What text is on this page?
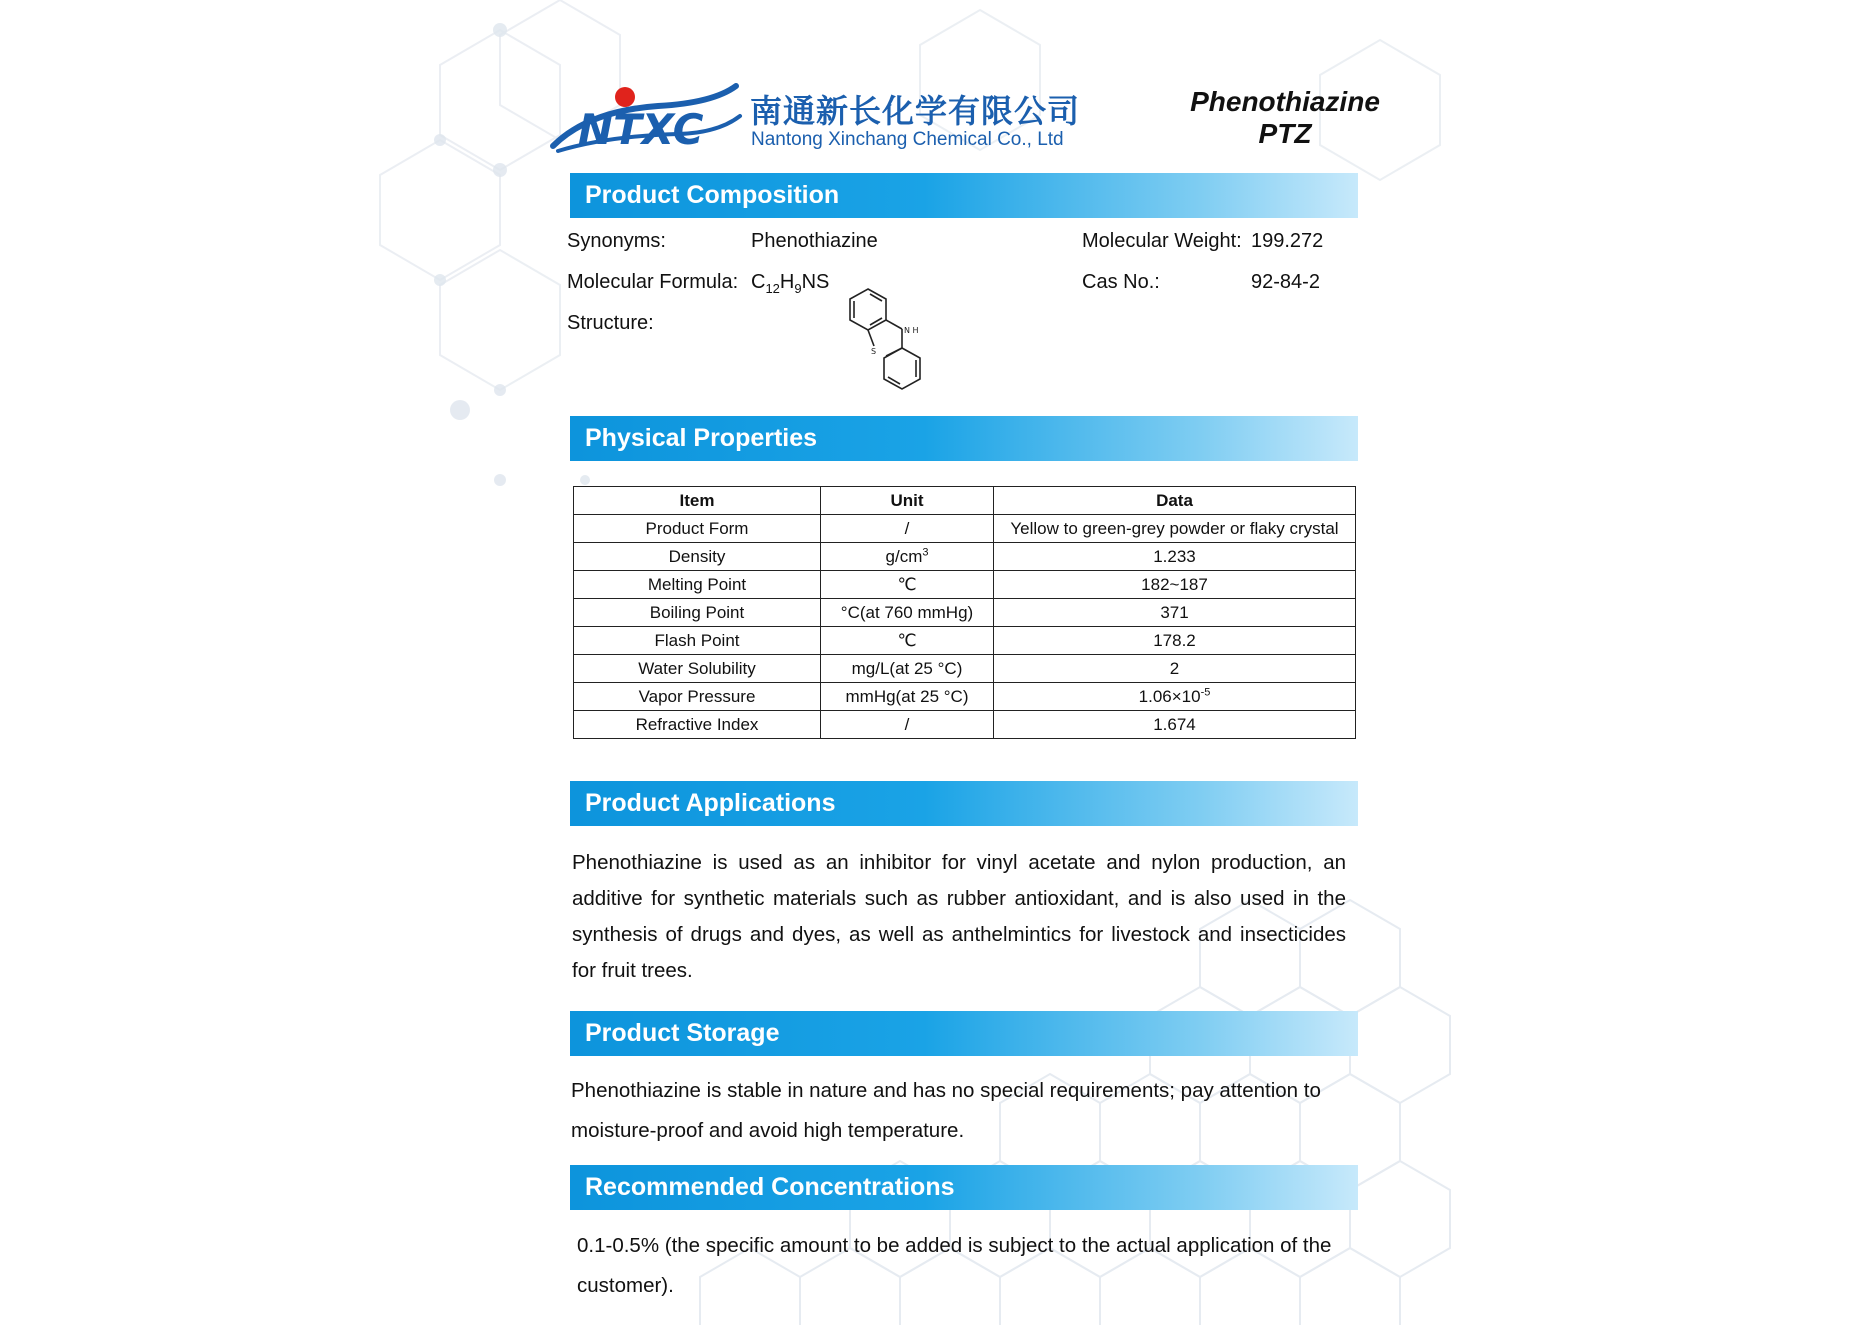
NTXC 南通新长化学有限公司
Nantong Xinchang Chemical Co., Ltd
Phenothiazine
PTZ
Product Composition
Synonyms:	Phenothiazine
Molecular Formula: $C_{12}H_9NS$
Structure:
Molecular Weight: 199.272
Cas No.:	92-84-2
N H
S
Physical Properties
Item	Unit	Data
Product Form	/	Yellow to green-grey powder or flaky crystal
Density	$g/cm^3$	1.233
Melting Point	℃	182~187
Boiling Point	°C(at 760 mmHg)	371
Flash Point	℃	178.2
Water Solubility	mg/L(at 25 °C)	2
Vapor Pressure	mmHg(at 25 °C)	$1.06\times 10^{-5}$
Refractive Index	/	1.674
Product Applications
Phenothiazine is used as an inhibitor for vinyl acetate and nylon production, an additive for synthetic materials such as rubber antioxidant, and is also used in the synthesis of drugs and dyes, as well as anthelmintics for livestock and insecticides for fruit trees.
Product Storage
Phenothiazine is stable in nature and has no special requirements; pay attention to moisture-proof and avoid high temperature.
Recommended Concentrations
0.1-0.5% (the specific amount to be added is subject to the actual application of the customer).
